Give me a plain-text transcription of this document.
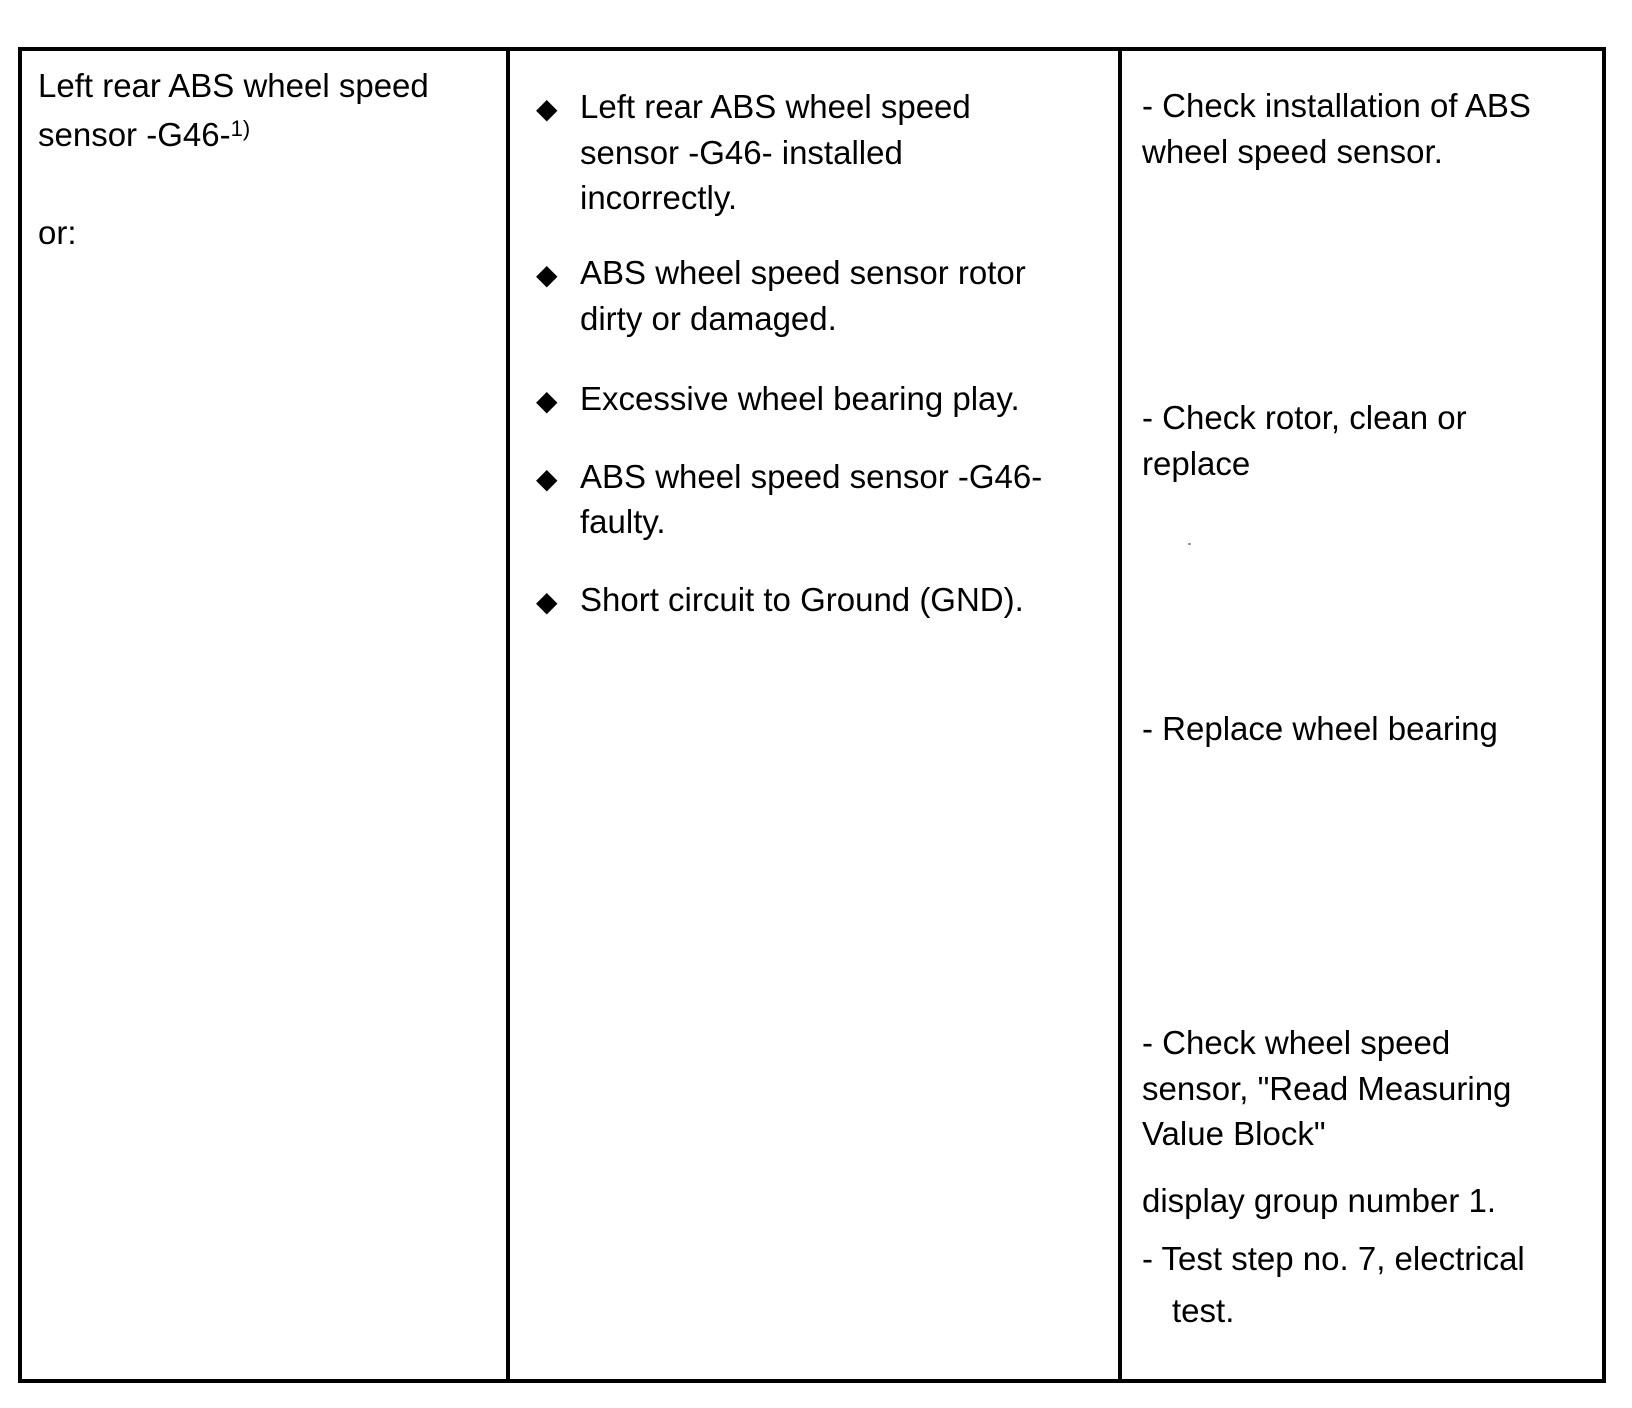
Left rear ABS wheel speed

sensor -G46-$^{1)}$

or:

◆ Left rear ABS wheel speed

sensor -G46- installed

incorrectly.

◆ ABS wheel speed sensor rotor

dirty or damaged.

◆ Excessive wheel bearing play.

◆ ABS wheel speed sensor -G46-

faulty.

◆ Short circuit to Ground (GND).

- Check installation of ABS

wheel speed sensor.

- Check rotor, clean or

replace

- Replace wheel bearing

- Check wheel speed

sensor, "Read Measuring

Value Block"

display group number 1.

- Test step no. 7, electrical

test.
